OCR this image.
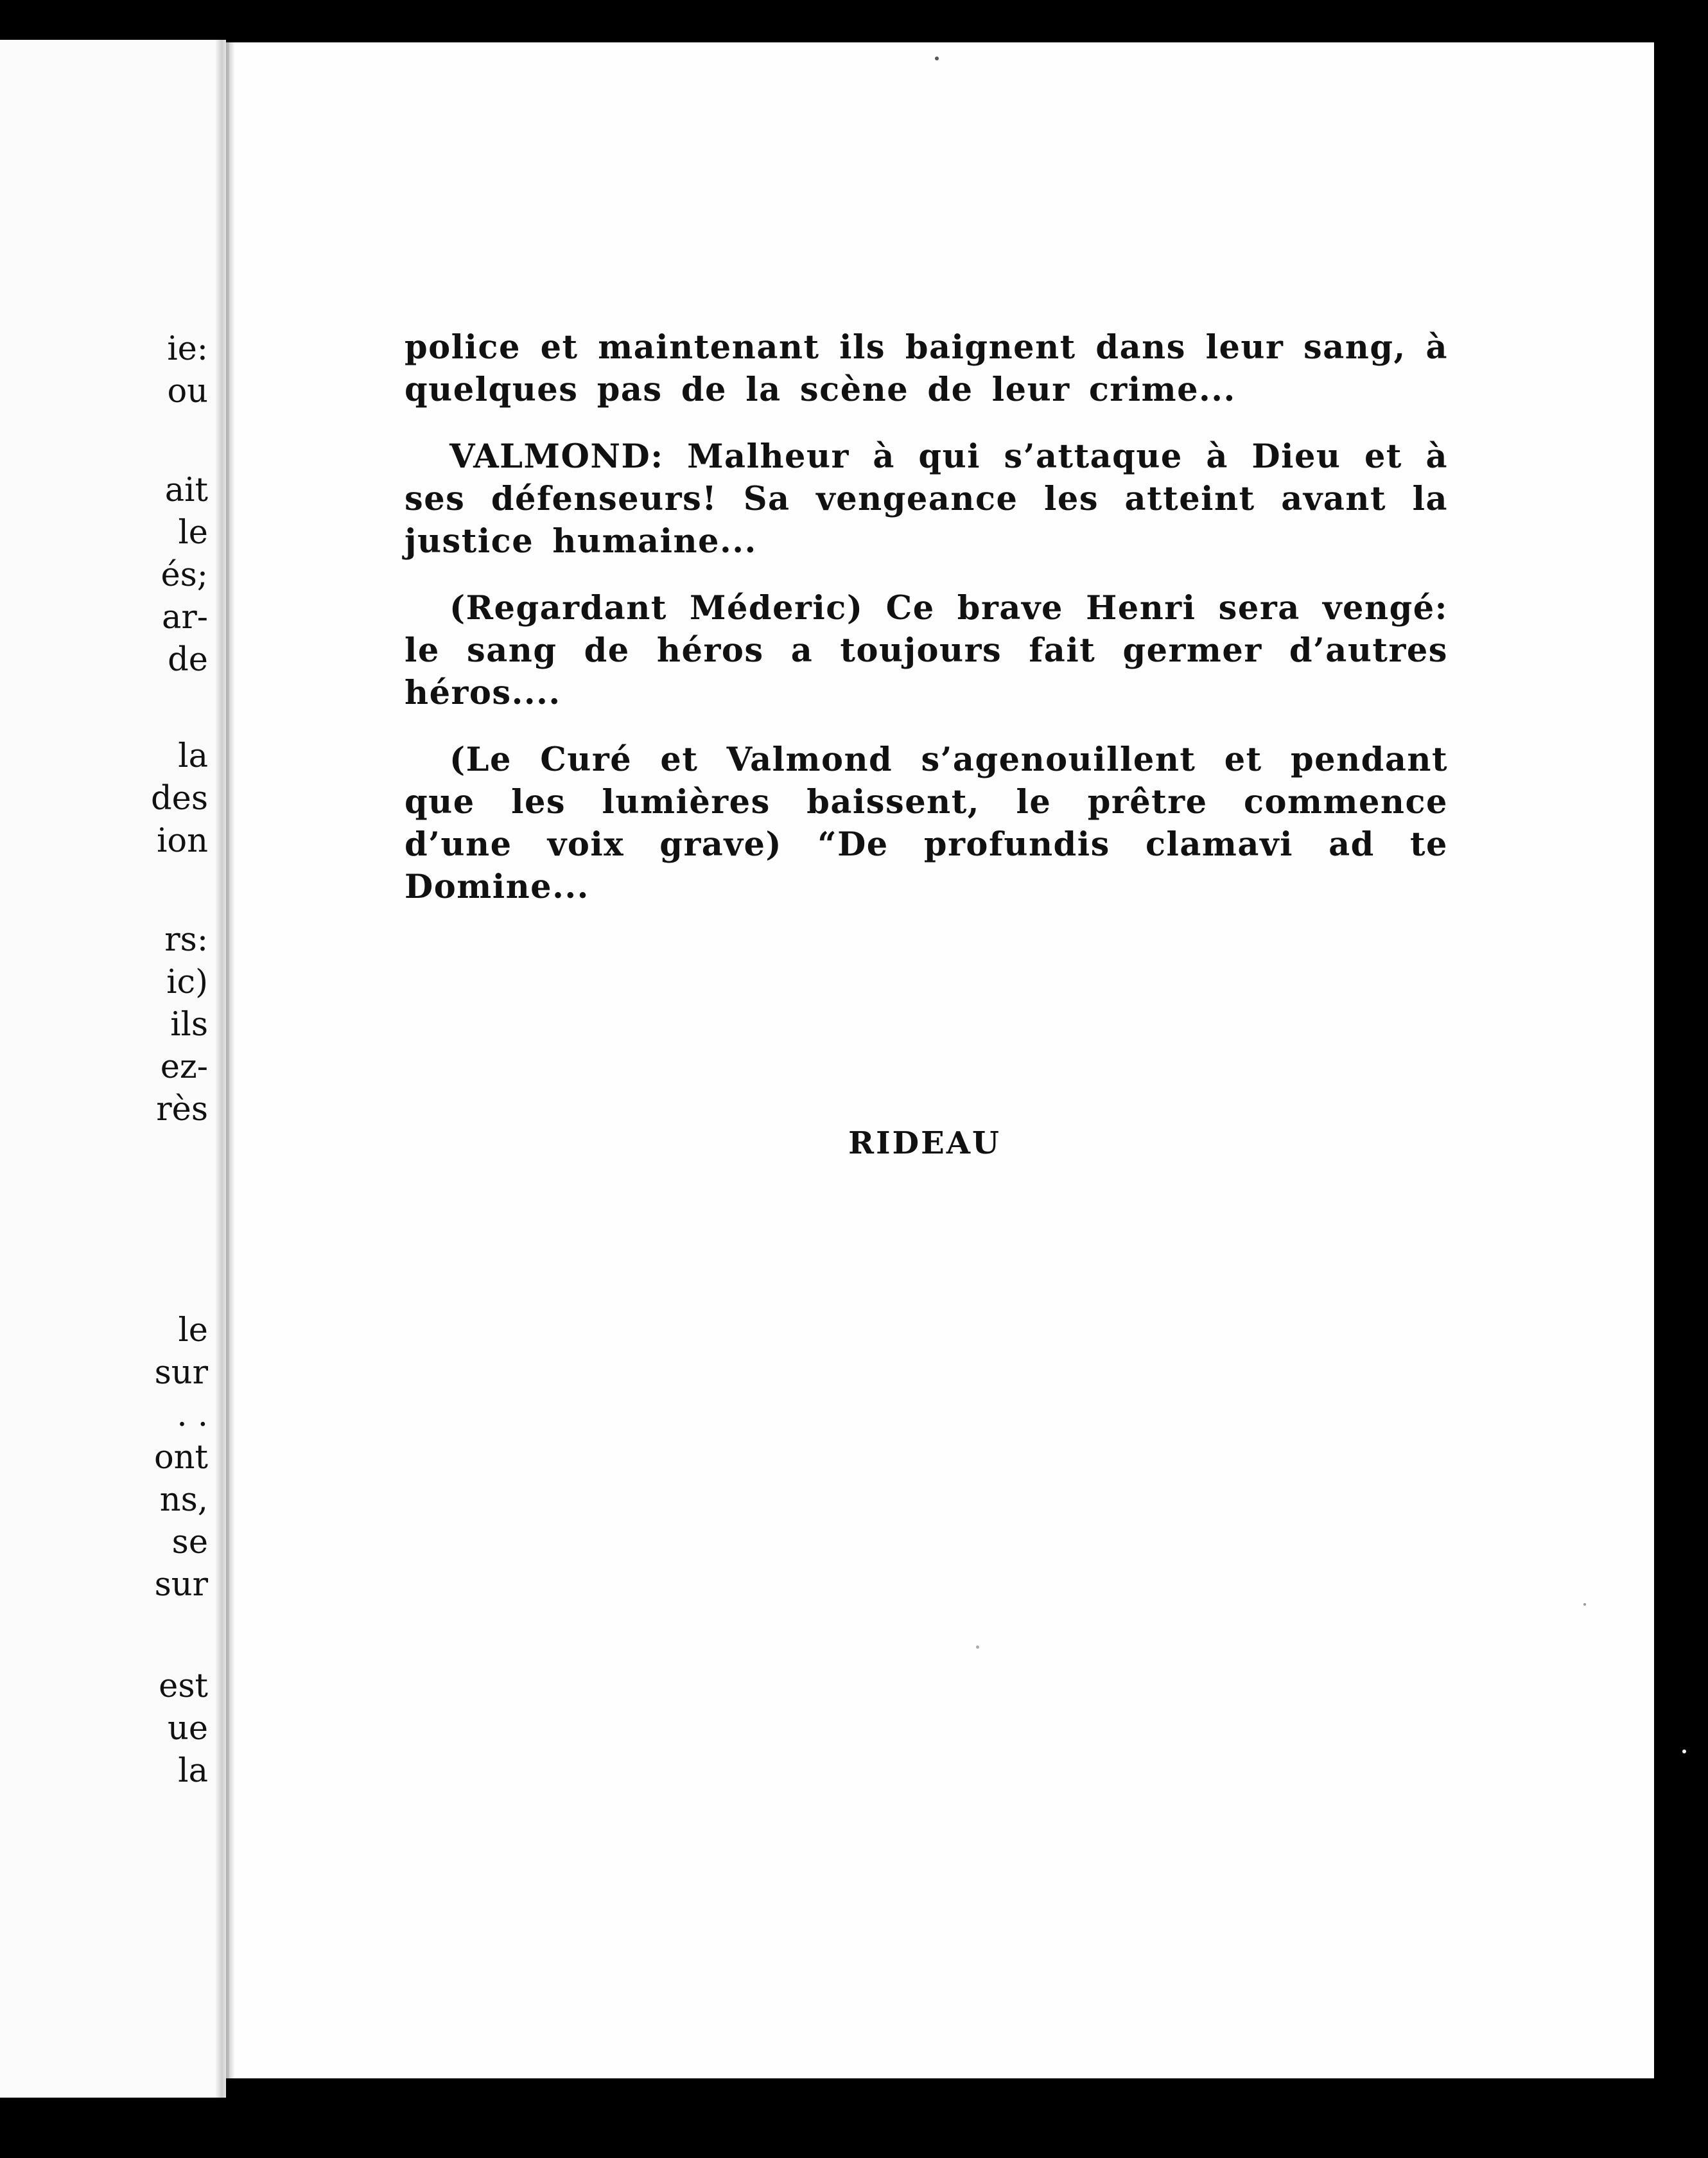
ie:
ou
ait
le
és;
ar-
de
la
des
ion
rs:
ic)
ils
ez-
rès
le
sur
. .
ont
ns,
se
sur
est
ue
la

police et maintenant ils baignent dans leur sang, à quelques pas de la scène de leur crime...

VALMOND: Malheur à qui s’attaque à Dieu et à ses défenseurs! Sa vengeance les atteint avant la justice humaine...

(Regardant Méderic) Ce brave Henri sera vengé: le sang de héros a toujours fait germer d’autres héros....

(Le Curé et Valmond s’agenouillent et pendant que les lumières baissent, le prêtre commence d’une voix grave) “De profundis clamavi ad te Domine...

RIDEAU
